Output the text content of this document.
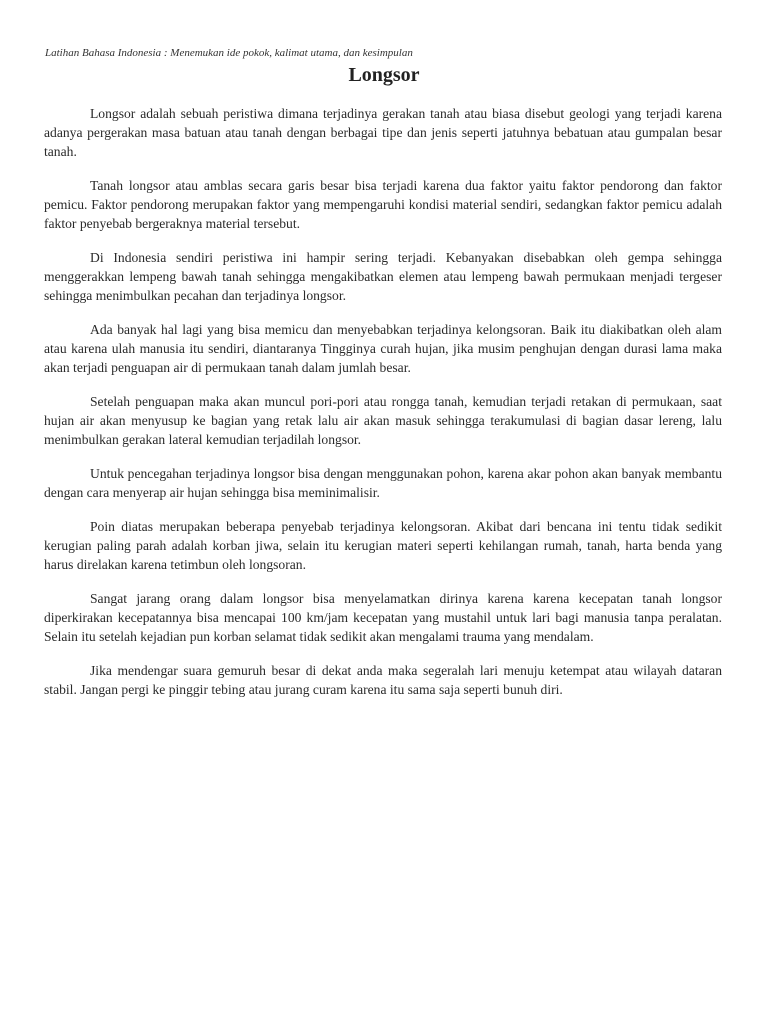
Latihan Bahasa Indonesia : Menemukan ide pokok, kalimat utama, dan kesimpulan
Longsor

Longsor adalah sebuah peristiwa dimana terjadinya gerakan tanah atau biasa disebut geologi yang terjadi karena adanya pergerakan masa batuan atau tanah dengan berbagai tipe dan jenis seperti jatuhnya bebatuan atau gumpalan besar tanah.

Tanah longsor atau amblas secara garis besar bisa terjadi karena dua faktor yaitu faktor pendorong dan faktor pemicu. Faktor pendorong merupakan faktor yang mempengaruhi kondisi material sendiri, sedangkan faktor pemicu adalah faktor penyebab bergeraknya material tersebut.

Di Indonesia sendiri peristiwa ini hampir sering terjadi. Kebanyakan disebabkan oleh gempa sehingga menggerakkan lempeng bawah tanah sehingga mengakibatkan elemen atau lempeng bawah permukaan menjadi tergeser sehingga menimbulkan pecahan dan terjadinya longsor.

Ada banyak hal lagi yang bisa memicu dan menyebabkan terjadinya kelongsoran. Baik itu diakibatkan oleh alam atau karena ulah manusia itu sendiri, diantaranya Tingginya curah hujan, jika musim penghujan dengan durasi lama maka akan terjadi penguapan air di permukaan tanah dalam jumlah besar.

Setelah penguapan maka akan muncul pori-pori atau rongga tanah, kemudian terjadi retakan di permukaan, saat hujan air akan menyusup ke bagian yang retak lalu air akan masuk sehingga terakumulasi di bagian dasar lereng, lalu menimbulkan gerakan lateral kemudian terjadilah longsor.

Untuk pencegahan terjadinya longsor bisa dengan menggunakan pohon, karena akar pohon akan banyak membantu dengan cara menyerap air hujan sehingga bisa meminimalisir.

Poin diatas merupakan beberapa penyebab terjadinya kelongsoran. Akibat dari bencana ini tentu tidak sedikit kerugian paling parah adalah korban jiwa, selain itu kerugian materi seperti kehilangan rumah, tanah, harta benda yang harus direlakan karena tetimbun oleh longsoran.

Sangat jarang orang dalam longsor bisa menyelamatkan dirinya karena karena kecepatan tanah longsor diperkirakan kecepatannya bisa mencapai 100 km/jam kecepatan yang mustahil untuk lari bagi manusia tanpa peralatan. Selain itu setelah kejadian pun korban selamat tidak sedikit akan mengalami trauma yang mendalam.

Jika mendengar suara gemuruh besar di dekat anda maka segeralah lari menuju ketempat atau wilayah dataran stabil. Jangan pergi ke pinggir tebing atau jurang curam karena itu sama saja seperti bunuh diri.
